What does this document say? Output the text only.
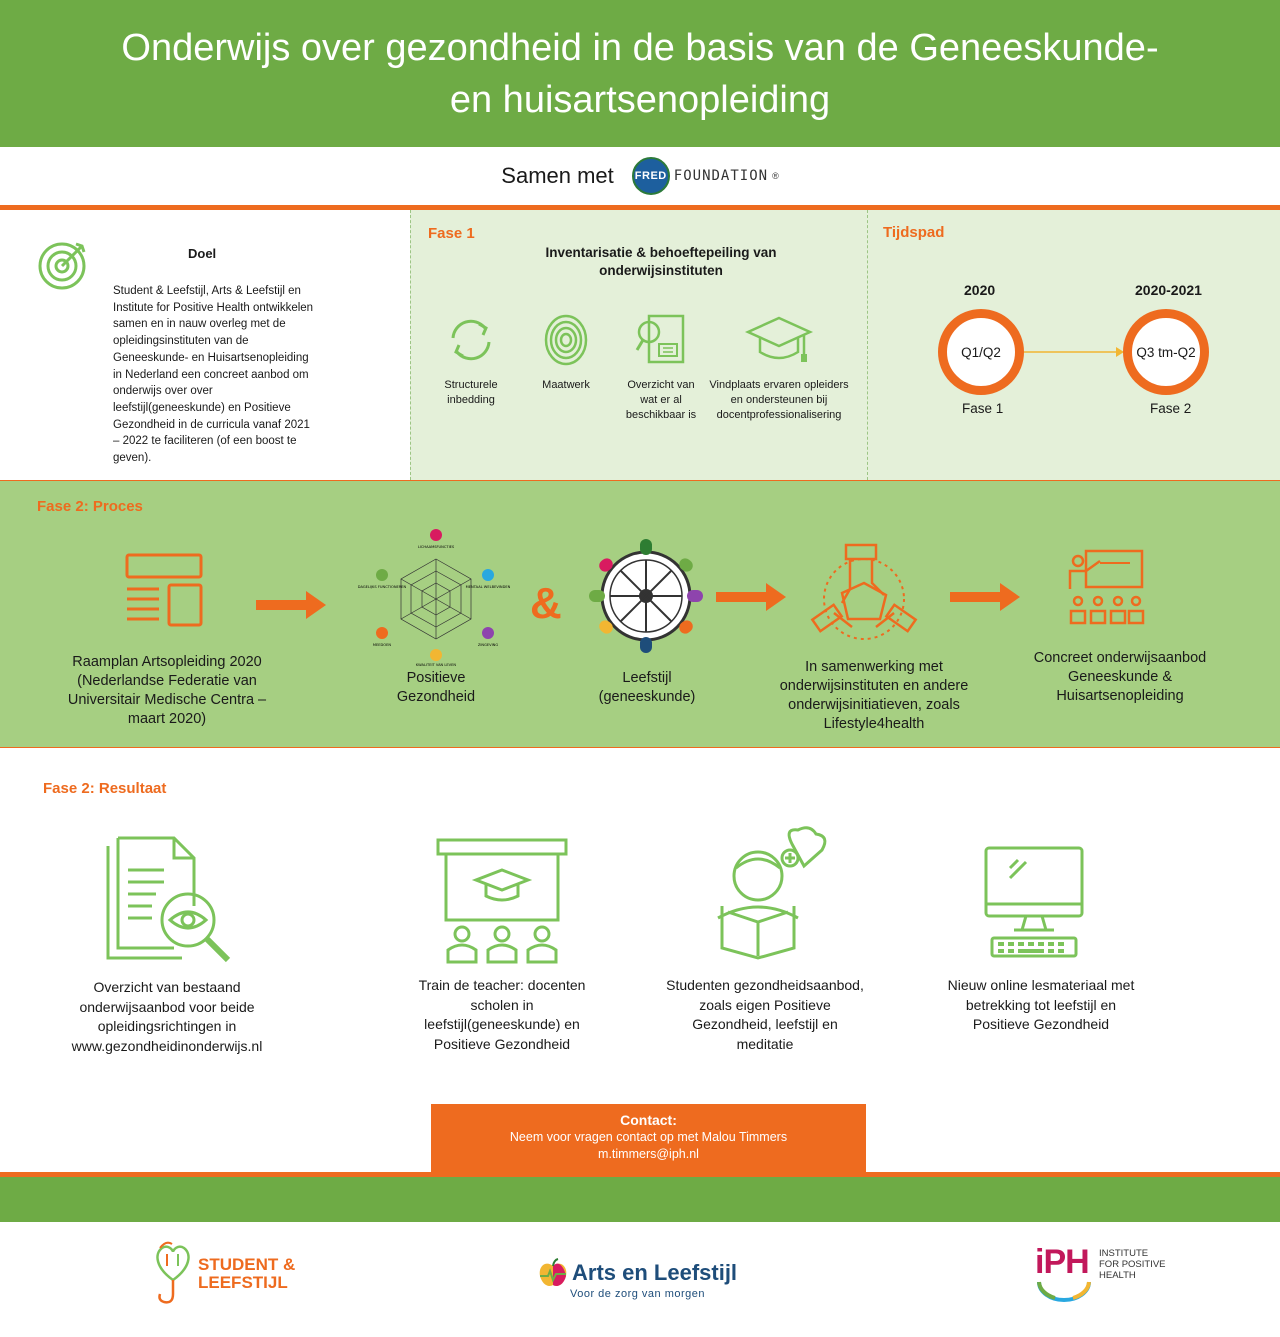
Onderwijs over gezondheid in de basis van de Geneeskunde- en huisartsenopleiding
Samen met FRED FOUNDATION ®
Doel
Student & Leefstijl, Arts & Leefstijl en Institute for Positive Health ontwikkelen samen en in nauw overleg met de opleidingsinstituten van de Geneeskunde- en Huisartsenopleiding in Nederland een concreet aanbod om onderwijs over over leefstijl(geneeskunde) en Positieve Gezondheid in de curricula vanaf 2021 – 2022 te faciliteren (of een boost te geven).
Fase 1
Inventarisatie & behoeftepeiling van onderwijsinstituten
Structurele inbedding
Maatwerk	Overzicht van wat er al beschikbaar is
Vindplaats ervaren opleiders en ondersteunen bij docentprofessionalisering
Tijdspad
2020	2020-2021
Q1/Q2	Q3 tm-Q2
Fase 1	Fase 2
Fase 2: Proces
Raamplan Artsopleiding 2020 (Nederlandse Federatie van Universitair Medische Centra – maart 2020)
LICHAAMSFUNCTIES
MENTAAL WELBEVINDEN
ZINGEVING
KWALITEIT VAN LEVEN
MEEDOEN
DAGELIJKS FUNCTIONEREN
Positieve Gezondheid
&
Leefstijl (geneeskunde)
In samenwerking met onderwijsinstituten en andere onderwijsinitiatieven, zoals Lifestyle4health
Concreet onderwijsaanbod Geneeskunde & Huisartsenopleiding
Fase 2: Resultaat
Overzicht van bestaand onderwijsaanbod voor beide opleidingsrichtingen in www.gezondheidinonderwijs.nl
Train de teacher: docenten scholen in leefstijl(geneeskunde) en Positieve Gezondheid
Studenten gezondheidsaanbod, zoals eigen Positieve Gezondheid, leefstijl en meditatie
Nieuw online lesmateriaal met betrekking tot leefstijl en Positieve Gezondheid
Contact:
Neem voor vragen contact op met Malou Timmers
m.timmers@iph.nl
STUDENT &
LEEFSTIJL	Arts en Leefstijl
Voor de zorg van morgen
iPH	INSTITUTE
FOR POSITIVE
HEALTH
